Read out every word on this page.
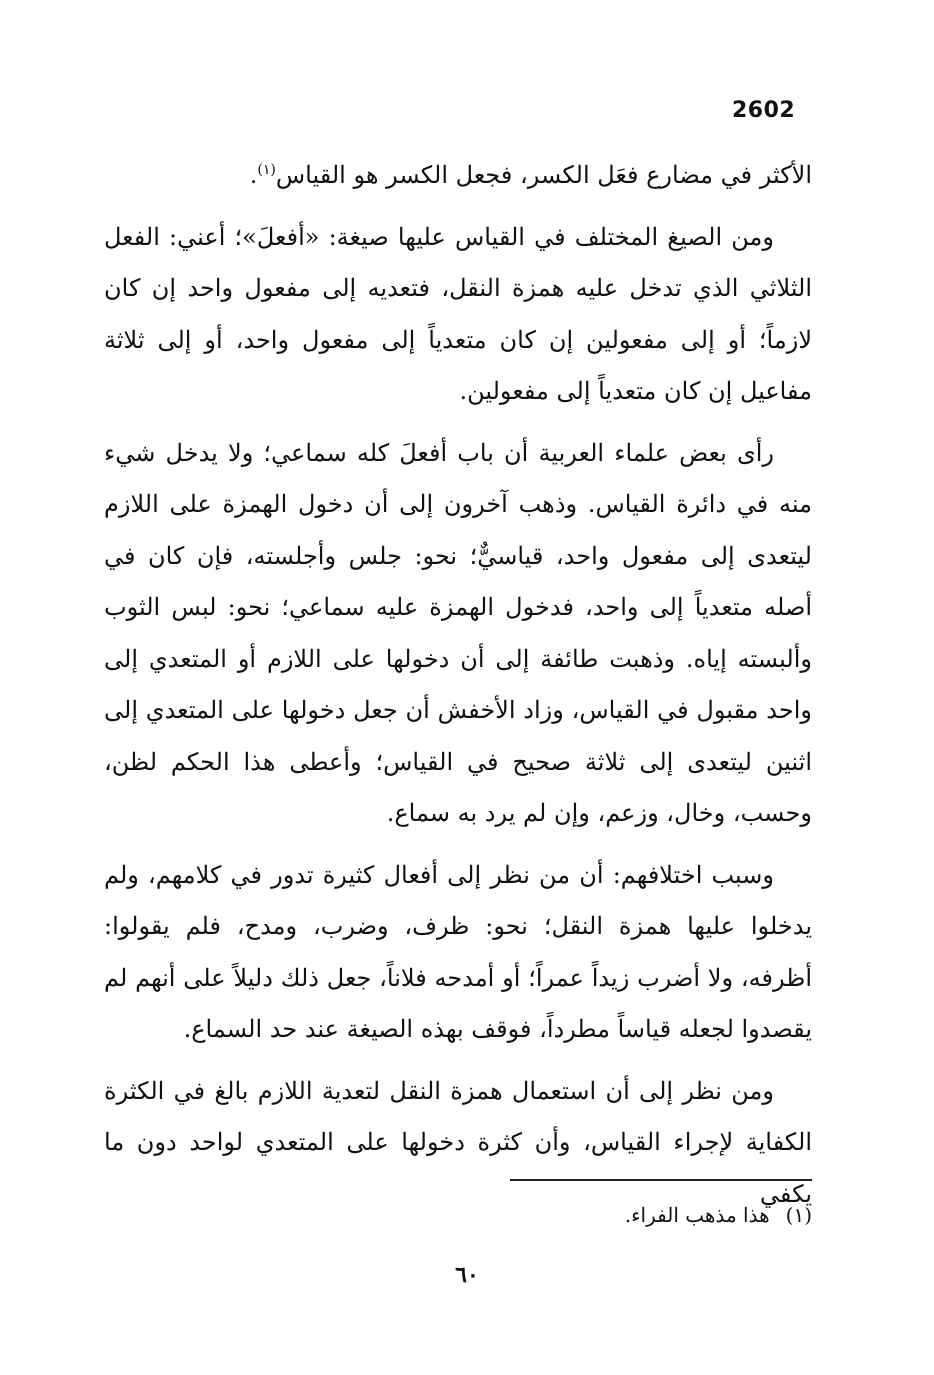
2602

الأكثر في مضارع فعَل الكسر، فجعل الكسر هو القياس$^{(١)}$.

ومن الصيغ المختلف في القياس عليها صيغة: «أفعلَ»؛ أعني: الفعل الثلاثي الذي تدخل عليه همزة النقل، فتعديه إلى مفعول واحد إن كان لازماً؛ أو إلى مفعولين إن كان متعدياً إلى مفعول واحد، أو إلى ثلاثة مفاعيل إن كان متعدياً إلى مفعولين.

رأى بعض علماء العربية أن باب أفعلَ كله سماعي؛ ولا يدخل شيء منه في دائرة القياس. وذهب آخرون إلى أن دخول الهمزة على اللازم ليتعدى إلى مفعول واحد، قياسيٌّ؛ نحو: جلس وأجلسته، فإن كان في أصله متعدياً إلى واحد، فدخول الهمزة عليه سماعي؛ نحو: لبس الثوب وألبسته إياه. وذهبت طائفة إلى أن دخولها على اللازم أو المتعدي إلى واحد مقبول في القياس، وزاد الأخفش أن جعل دخولها على المتعدي إلى اثنين ليتعدى إلى ثلاثة صحيح في القياس؛ وأعطى هذا الحكم لظن، وحسب، وخال، وزعم، وإن لم يرد به سماع.

وسبب اختلافهم: أن من نظر إلى أفعال كثيرة تدور في كلامهم، ولم يدخلوا عليها همزة النقل؛ نحو: ظرف، وضرب، ومدح، فلم يقولوا: أظرفه، ولا أضرب زيداً عمراً؛ أو أمدحه فلاناً، جعل ذلك دليلاً على أنهم لم يقصدوا لجعله قياساً مطرداً، فوقف بهذه الصيغة عند حد السماع.

ومن نظر إلى أن استعمال همزة النقل لتعدية اللازم بالغ في الكثرة الكفاية لإجراء القياس، وأن كثرة دخولها على المتعدي لواحد دون ما يكفي

(١)هذا مذهب الفراء.
٦٠
